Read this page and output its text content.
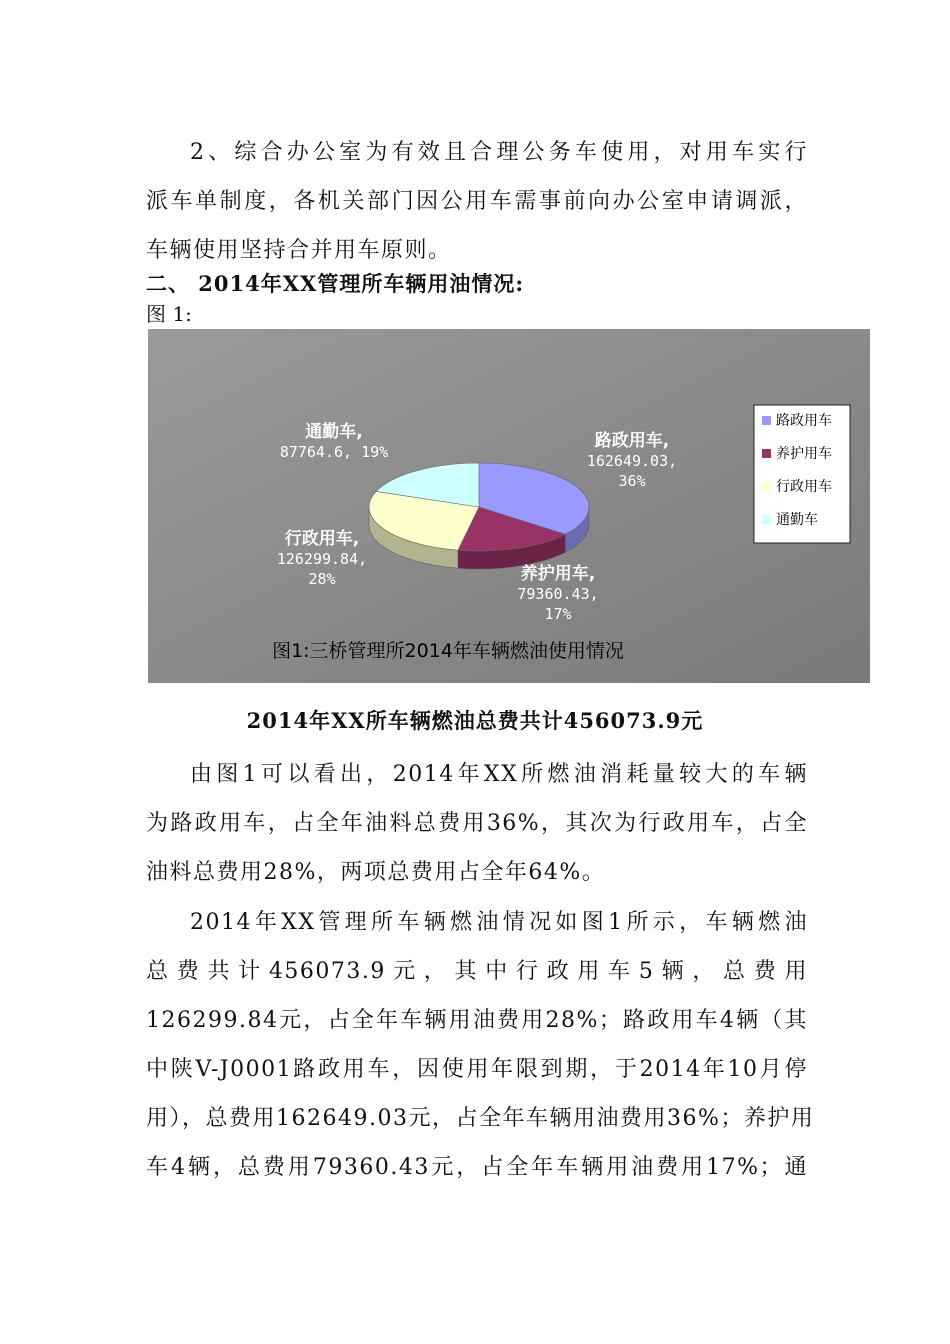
2、综合办公室为有效且合理公务车使用，对用车实行
派车单制度，各机关部门因公用车需事前向办公室申请调派，
车辆使用坚持合并用车原则。
二、 2014年XX管理所车辆用油情况:
图 1:
路政用车, 162649.03, 36%
养护用车, 79360.43, 17%
行政用车, 126299.84, 28%
通勤车, 87764.6, 19%
路政用车
养护用车
行政用车
通勤车
图1:三桥管理所2014年车辆燃油使用情况
2014年XX所车辆燃油总费共计456073.9元
由图1可以看出，2014年XX所燃油消耗量较大的车辆
为路政用车，占全年油料总费用36%，其次为行政用车，占全
油料总费用28%，两项总费用占全年64%。
2014年XX管理所车辆燃油情况如图1所示，车辆燃油
总费共计456073.9元，其中行政用车5辆，总费用
126299.84元，占全年车辆用油费用28%；路政用车4辆（其
中陕V-J0001路政用车，因使用年限到期，于2014年10月停
用），总费用162649.03元，占全年车辆用油费用36%；养护用
车4辆，总费用79360.43元，占全年车辆用油费用17%；通
